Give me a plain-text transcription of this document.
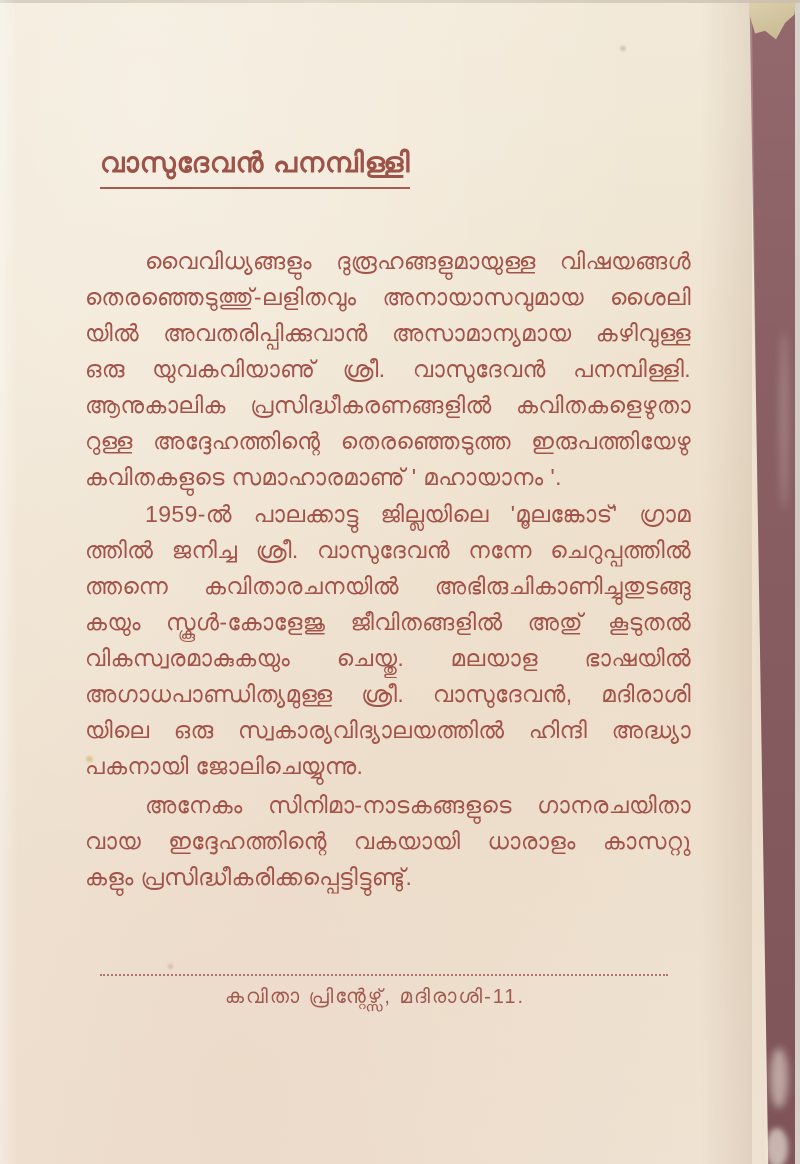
വാസുദേവൻ പനമ്പിള്ളി
വൈവിധ്യങ്ങളും ദുരൂഹങ്ങളുമായുള്ള വിഷയങ്ങൾ
തെരഞ്ഞെടുത്തു്-ലളിതവും അനായാസവുമായ ശൈലി
യിൽ അവതരിപ്പിക്കുവാൻ അസാമാന്യമായ കഴിവുള്ള
ഒരു യുവകവിയാണു് ശ്രീ. വാസുദേവൻ പനമ്പിള്ളി.
ആനുകാലിക പ്രസിദ്ധീകരണങ്ങളിൽ കവിതകളെഴുതാ
റുള്ള അദ്ദേഹത്തിന്റെ തെരഞ്ഞെടുത്ത ഇരുപത്തിയേഴു
കവിതകളുടെ സമാഹാരമാണു് ' മഹായാനം '.
1959-ൽ പാലക്കാട്ടു ജില്ലയിലെ 'മൂലങ്കോട്' ഗ്രാമ
ത്തിൽ ജനിച്ച ശ്രീ. വാസുദേവൻ നന്നേ ചെറുപ്പത്തിൽ
ത്തന്നെ കവിതാരചനയിൽ അഭിരുചികാണിച്ചുതുടങ്ങു
കയും സ്കൂൾ-കോളേജു ജീവിതങ്ങളിൽ അതു് കൂടുതൽ
വികസ്വരമാകുകയും ചെയ്തു. മലയാള ഭാഷയിൽ
അഗാധപാണ്ഡിത്യമുള്ള ശ്രീ. വാസുദേവൻ, മദിരാശി
യിലെ ഒരു സ്വകാര്യവിദ്യാലയത്തിൽ ഹിന്ദി അദ്ധ്യാ
പകനായി ജോലിചെയ്യുന്നു.
അനേകം സിനിമാ-നാടകങ്ങളുടെ ഗാനരചയിതാ
വായ ഇദ്ദേഹത്തിന്റെ വകയായി ധാരാളം കാസറ്റു
കളും പ്രസിദ്ധീകരിക്കപ്പെട്ടിട്ടുണ്ടു്.
കവിതാ പ്രിന്റേഴ്സ്, മദിരാശി-11.
